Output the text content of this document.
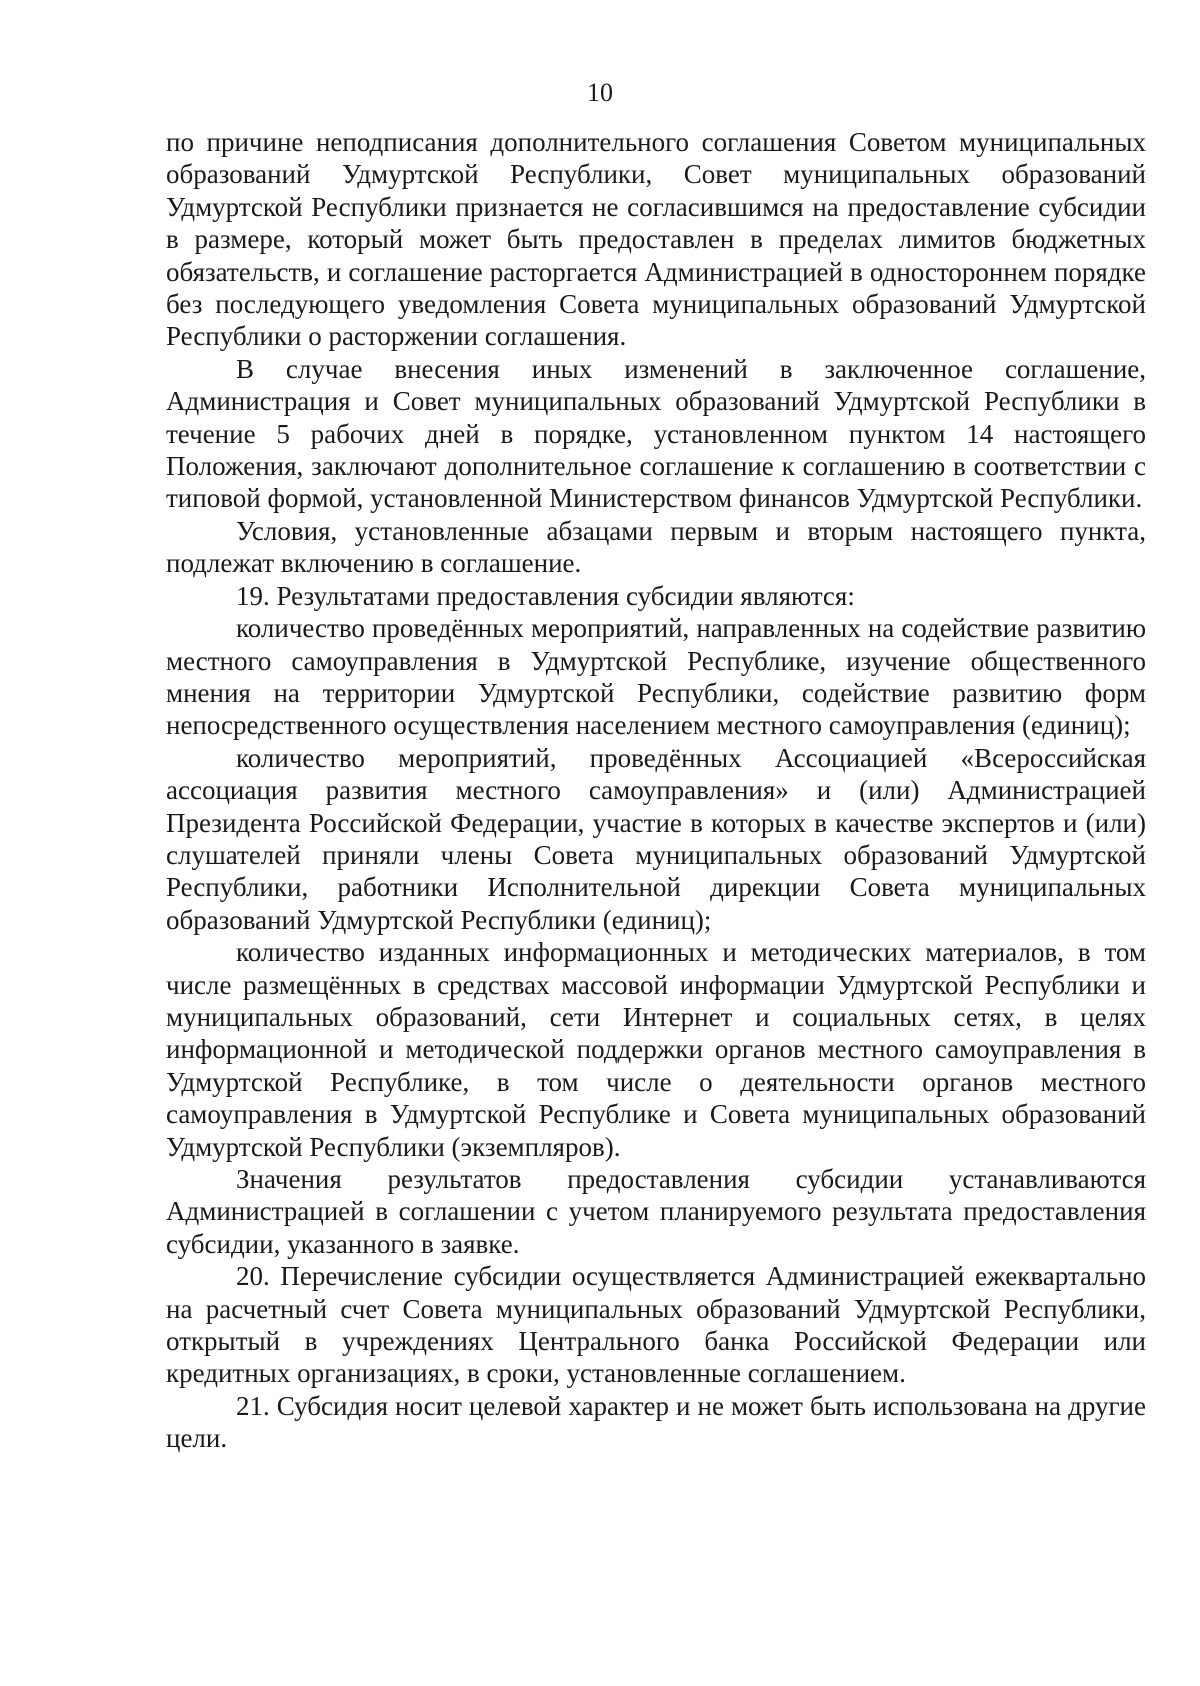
10

по причине неподписания дополнительного соглашения Советом муниципальных образований Удмуртской Республики, Совет муниципальных образований Удмуртской Республики признается не согласившимся на предоставление субсидии в размере, который может быть предоставлен в пределах лимитов бюджетных обязательств, и соглашение расторгается Администрацией в одностороннем порядке без последующего уведомления Совета муниципальных образований Удмуртской Республики о расторжении соглашения.

В случае внесения иных изменений в заключенное соглашение, Администрация и Совет муниципальных образований Удмуртской Республики в течение 5 рабочих дней в порядке, установленном пунктом 14 настоящего Положения, заключают дополнительное соглашение к соглашению в соответствии с типовой формой, установленной Министерством финансов Удмуртской Республики.

Условия, установленные абзацами первым и вторым настоящего пункта, подлежат включению в соглашение.

19. Результатами предоставления субсидии являются:

количество проведённых мероприятий, направленных на содействие развитию местного самоуправления в Удмуртской Республике, изучение общественного мнения на территории Удмуртской Республики, содействие развитию форм непосредственного осуществления населением местного самоуправления (единиц);

количество мероприятий, проведённых Ассоциацией «Всероссийская ассоциация развития местного самоуправления» и (или) Администрацией Президента Российской Федерации, участие в которых в качестве экспертов и (или) слушателей приняли члены Совета муниципальных образований Удмуртской Республики, работники Исполнительной дирекции Совета муниципальных образований Удмуртской Республики (единиц);

количество изданных информационных и методических материалов, в том числе размещённых в средствах массовой информации Удмуртской Республики и муниципальных образований, сети Интернет и социальных сетях, в целях информационной и методической поддержки органов местного самоуправления в Удмуртской Республике, в том числе о деятельности органов местного самоуправления в Удмуртской Республике и Совета муниципальных образований Удмуртской Республики (экземпляров).

Значения результатов предоставления субсидии устанавливаются Администрацией в соглашении с учетом планируемого результата предоставления субсидии, указанного в заявке.

20. Перечисление субсидии осуществляется Администрацией ежеквартально на расчетный счет Совета муниципальных образований Удмуртской Республики, открытый в учреждениях Центрального банка Российской Федерации или кредитных организациях, в сроки, установленные соглашением.

21. Субсидия носит целевой характер и не может быть использована на другие цели.
